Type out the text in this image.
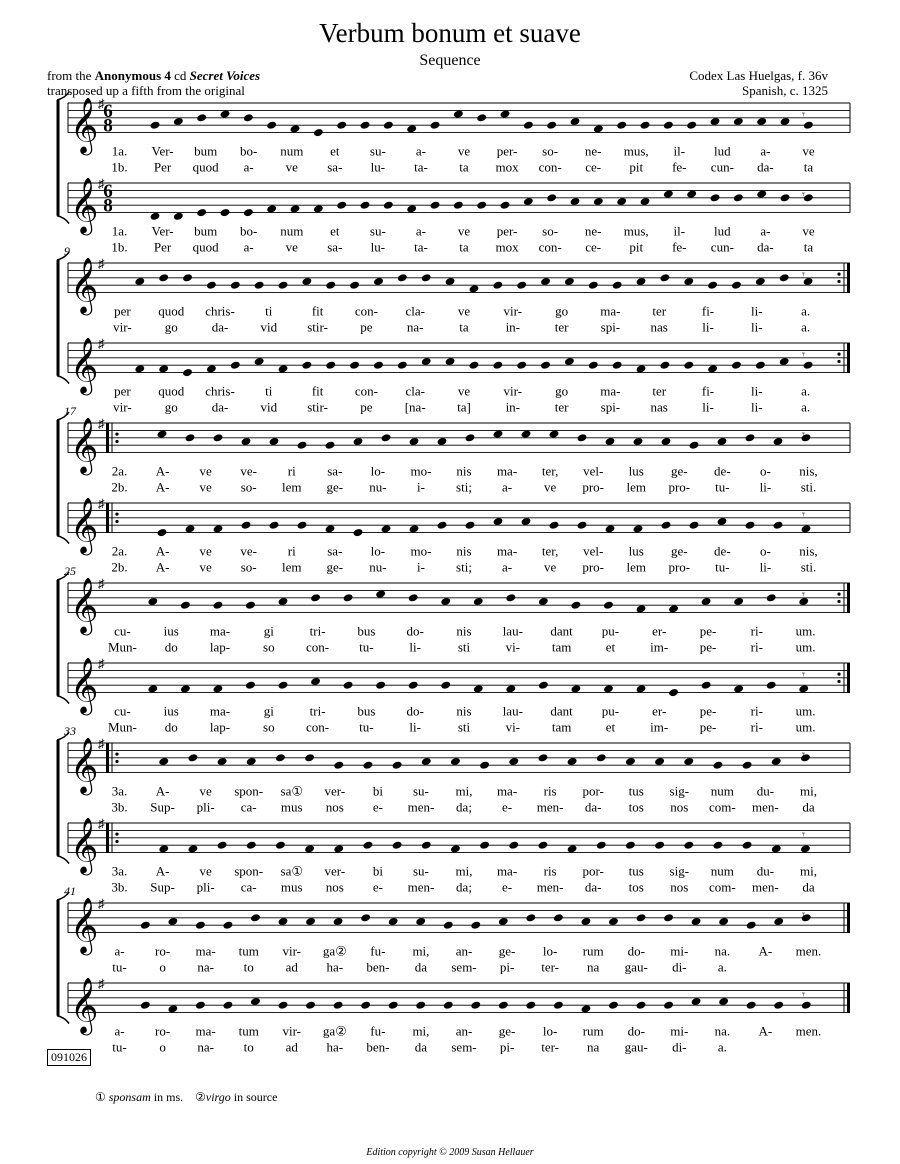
Verbum bonum et suave
Sequence
from the Anonymous 4 cd Secret Voices
transposed up a fifth from the original
Codex Las Huelgas, f. 36v
Spanish, c. 1325
𝄞 ♯
6
8
𝄞 ♯
6
8
𝄾
𝄾
1a. Ver- bum bo- num et su- a- ve per- so- ne- mus, il- lud a- ve
1b. Per quod a- ve sa- lu- ta- ta mox con- ce- pit fe- cun- da- ta
1a. Ver- bum bo- num et su- a- ve per- so- ne- mus, il- lud a- ve
1b. Per quod a- ve sa- lu- ta- ta mox con- ce- pit fe- cun- da- ta
𝄞 ♯
𝄞 ♯
9
𝄾
𝄾
per quod chris- ti	fit con- cla-	ve	vir-	go ma- ter	fi-	li-	a.
vir-	go	da- vid stir- pe	na-	ta	in-	ter spi- nas	li-	li-	a.
per quod chris- ti	fit con- cla-	ve	vir-	go ma- ter	fi-	li-	a.
vir-	go	da- vid stir- pe [na- ta]	in-	ter spi- nas	li-	li-	a.
𝄞 ♯
𝄞 ♯
17
𝄾
𝄾
2a. A- ve ve- ri sa- lo- mo- nis ma- ter, vel- lus ge- de- o- nis,
2b. A- ve so- lem ge- nu- i- sti; a- ve pro- lem pro- tu- li- sti.
2a. A- ve ve- ri sa- lo- mo- nis ma- ter, vel- lus ge- de- o- nis,
2b. A- ve so- lem ge- nu- i- sti; a- ve pro- lem pro- tu- li- sti.
𝄞 ♯
𝄞 ♯
25
𝄾
𝄾
cu-	ius ma-	gi	tri- bus do-	nis lau- dant pu-	er-	pe-	ri-	um.
Mun- do lap-	so con- tu-	li-	sti	vi- tam	et	im- pe-	ri-	um.
cu-	ius ma-	gi	tri- bus do-	nis lau- dant pu-	er-	pe-	ri-	um.
Mun- do lap-	so con- tu-	li-	sti	vi- tam	et	im- pe-	ri-	um.
𝄞 ♯
𝄞 ♯
33
𝄾
𝄾
3a. A- ve spon- sa① ver- bi su- mi, ma- ris por- tus sig- num du- mi,
3b. Sup- pli- ca- mus nos e- men- da; e- men- da- tos nos com- men- da
3a. A- ve spon- sa① ver- bi su- mi, ma- ris por- tus sig- num du- mi,
3b. Sup- pli- ca- mus nos e- men- da; e- men- da- tos nos com- men- da
𝄞 ♯
𝄞 ♯
41
𝄾
𝄾
a- ro- ma- tum vir- ga② fu- mi, an- ge- lo- rum do- mi- na. A- men.
tu-	o na- to ad ha- ben- da sem- pi- ter- na gau- di- a.
a- ro- ma- tum vir- ga② fu- mi, an- ge- lo- rum do- mi- na. A- men.
tu-	o na- to ad ha- ben- da sem- pi- ter- na gau- di- a.
091026
① sponsam in ms. ②virgo in source
Edition copyright © 2009 Susan Hellauer
